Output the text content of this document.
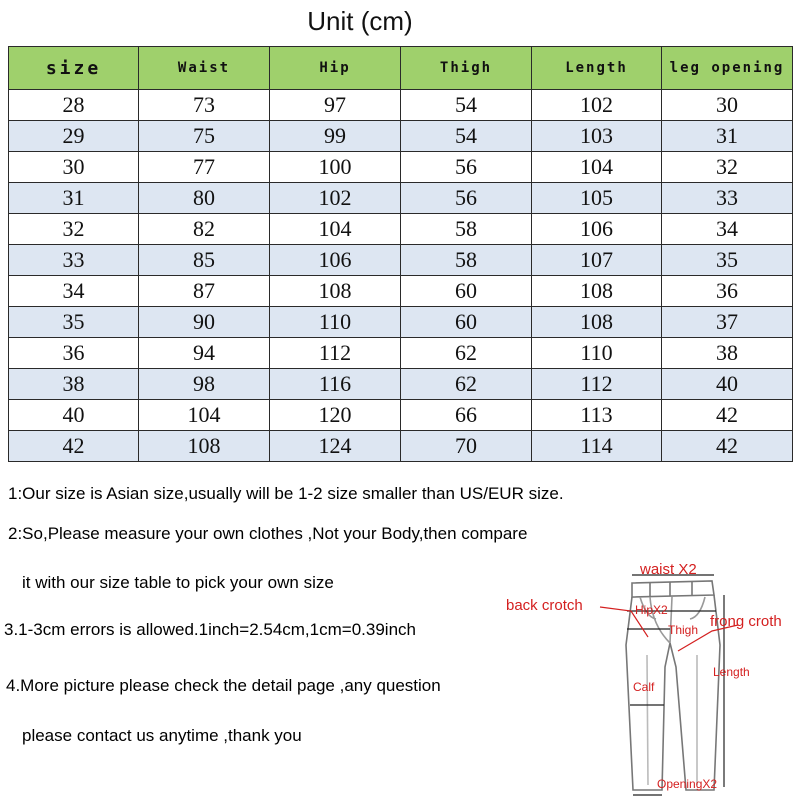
Unit (cm)
size	Waist	Hip	Thigh	Length	leg opening
28	73	97	54	102	30
29	75	99	54	103	31
30	77	100	56	104	32
31	80	102	56	105	33
32	82	104	58	106	34
33	85	106	58	107	35
34	87	108	60	108	36
35	90	110	60	108	37
36	94	112	62	110	38
38	98	116	62	112	40
40	104	120	66	113	42
42	108	124	70	114	42
1:Our size is Asian size,usually will be 1-2 size smaller than US/EUR size.
2:So,Please measure your own clothes ,Not your Body,then compare
it with our size table to pick your own size
3.1-3cm errors is allowed.1inch=2.54cm,1cm=0.39inch
4.More picture please check the detail page ,any question
please contact us anytime ,thank you
waist X2
back crotch	HipX2
frong croth
Thigh
Length
Calf
OpeningX2
